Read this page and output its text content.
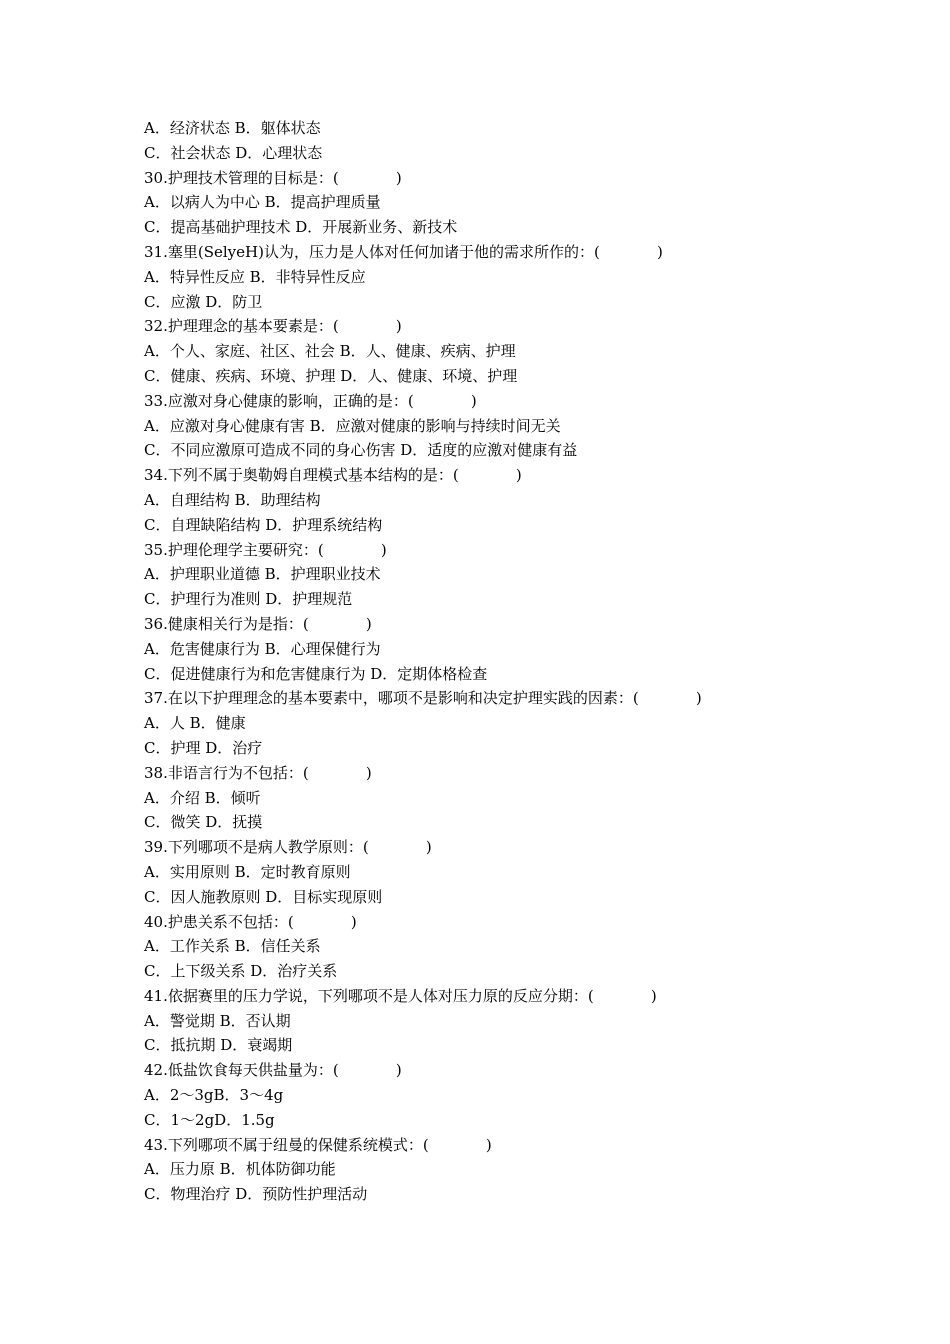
A．经济状态 B．躯体状态
C．社会状态 D．心理状态
30.护理技术管理的目标是：(            )
A．以病人为中心 B．提高护理质量
C．提高基础护理技术 D．开展新业务、新技术
31.塞里(SelyeH)认为，压力是人体对任何加诸于他的需求所作的：(            )
A．特异性反应 B．非特异性反应
C．应激 D．防卫
32.护理理念的基本要素是：(            )
A．个人、家庭、社区、社会 B．人、健康、疾病、护理
C．健康、疾病、环境、护理 D．人、健康、环境、护理
33.应激对身心健康的影响，正确的是：(            )
A．应激对身心健康有害 B．应激对健康的影响与持续时间无关
C．不同应激原可造成不同的身心伤害 D．适度的应激对健康有益
34.下列不属于奥勒姆自理模式基本结构的是：(            )
A．自理结构 B．助理结构
C．自理缺陷结构 D．护理系统结构
35.护理伦理学主要研究：(            )
A．护理职业道德 B．护理职业技术
C．护理行为准则 D．护理规范
36.健康相关行为是指：(            )
A．危害健康行为 B．心理保健行为
C．促进健康行为和危害健康行为 D．定期体格检查
37.在以下护理理念的基本要素中，哪项不是影响和决定护理实践的因素：(            )
A．人 B．健康
C．护理 D．治疗
38.非语言行为不包括：(            )
A．介绍 B．倾听
C．微笑 D．抚摸
39.下列哪项不是病人教学原则：(            )
A．实用原则 B．定时教育原则
C．因人施教原则 D．目标实现原则
40.护患关系不包括：(            )
A．工作关系 B．信任关系
C．上下级关系 D．治疗关系
41.依据赛里的压力学说，下列哪项不是人体对压力原的反应分期：(            )
A．警觉期 B．否认期
C．抵抗期 D．衰竭期
42.低盐饮食每天供盐量为：(            )
A．2～3gB．3～4g
C．1～2gD．1.5g
43.下列哪项不属于纽曼的保健系统模式：(            )
A．压力原 B．机体防御功能
C．物理治疗 D．预防性护理活动
